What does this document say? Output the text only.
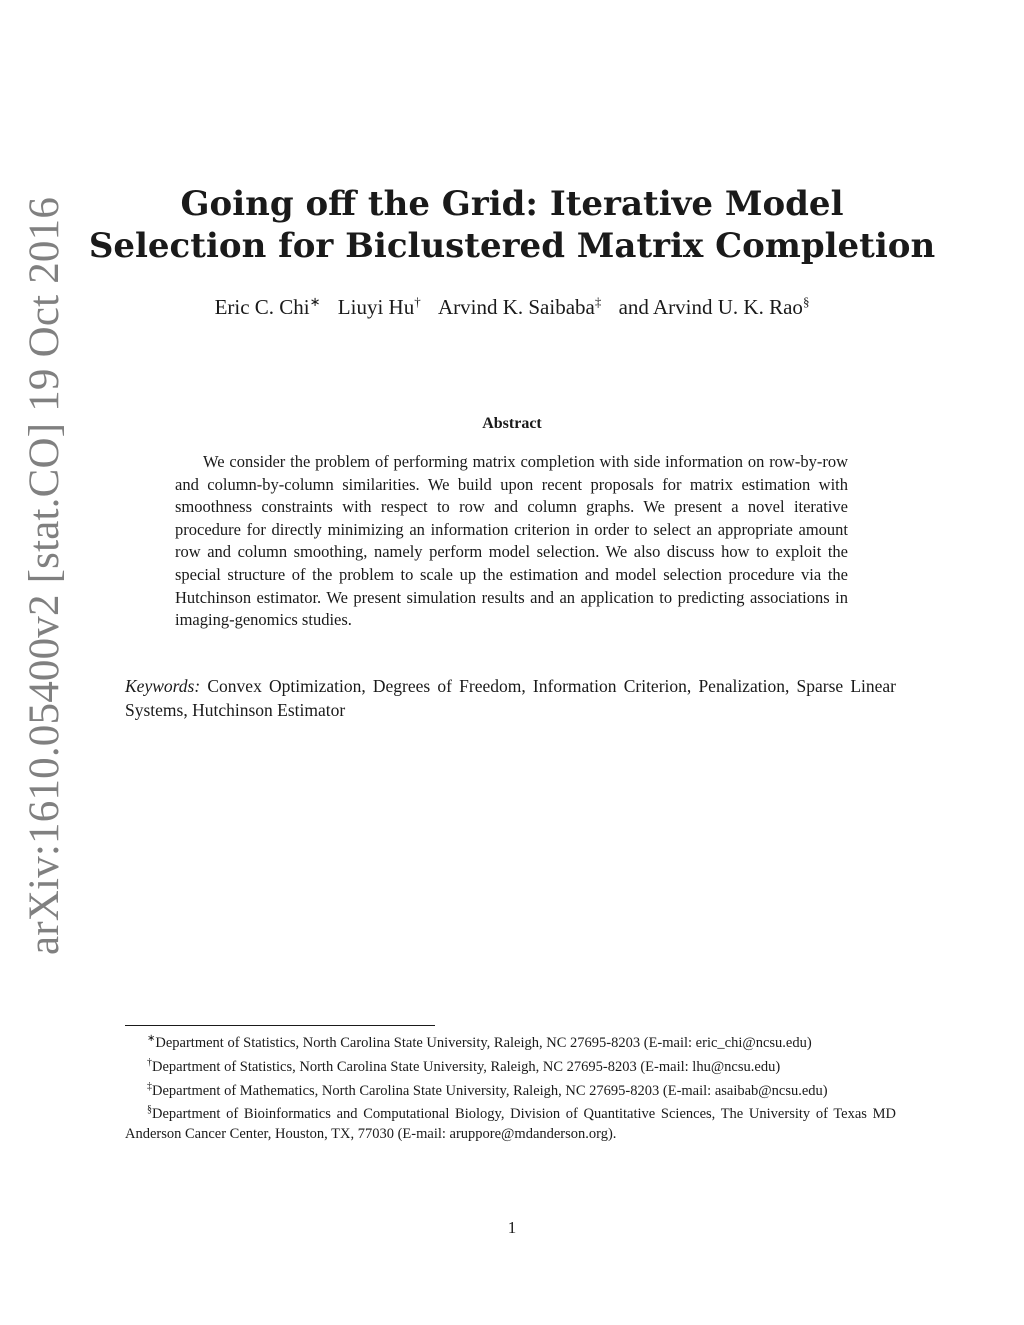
arXiv:1610.05400v2 [stat.CO] 19 Oct 2016	Going off the Grid: Iterative Model
Selection for Biclustered Matrix Completion
Eric C. Chi∗ Liuyi Hu† Arvind K. Saibaba‡ and Arvind U. K. Rao§
Abstract

We consider the problem of performing matrix completion with side information on row-by-row and column-by-column similarities. We build upon recent proposals for matrix estimation with smoothness constraints with respect to row and column graphs. We present a novel iterative procedure for directly minimizing an information criterion in order to select an appropriate amount row and column smoothing, namely perform model selection. We also discuss how to exploit the special structure of the problem to scale up the estimation and model selection procedure via the Hutchinson estimator. We present simulation results and an application to predicting associations in imaging-genomics studies.

Keywords: Convex Optimization, Degrees of Freedom, Information Criterion, Penalization, Sparse Linear Systems, Hutchinson Estimator

∗Department of Statistics, North Carolina State University, Raleigh, NC 27695-8203 (E-mail: eric_chi@ncsu.edu)

†Department of Statistics, North Carolina State University, Raleigh, NC 27695-8203 (E-mail: lhu@ncsu.edu)

‡Department of Mathematics, North Carolina State University, Raleigh, NC 27695-8203 (E-mail: asaibab@ncsu.edu)

§Department of Bioinformatics and Computational Biology, Division of Quantitative Sciences, The University of Texas MD Anderson Cancer Center, Houston, TX, 77030 (E-mail: aruppore@mdanderson.org).

1
